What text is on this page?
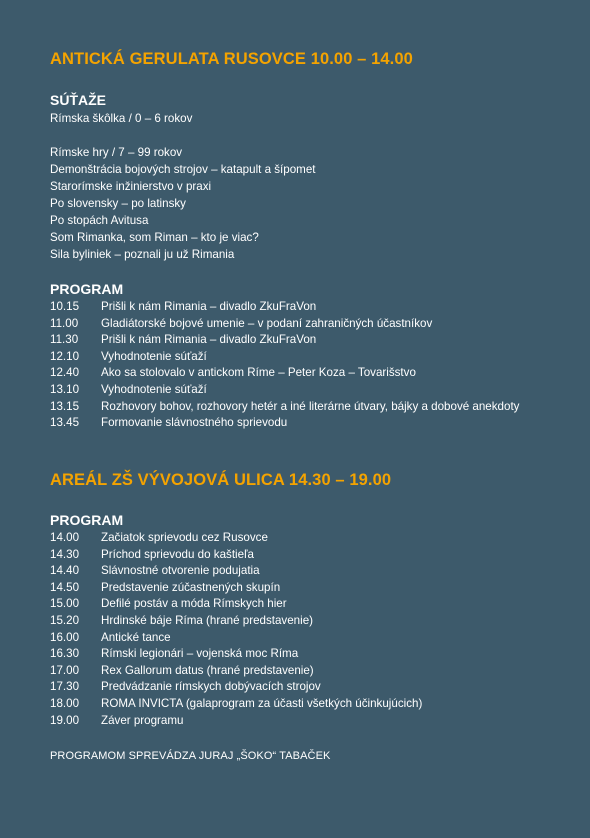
ANTICKÁ GERULATA RUSOVCE 10.00 – 14.00
SÚŤAŽE

Rímska škôlka / 0 – 6 rokov

Rímske hry / 7 – 99 rokov

Demonštrácia bojových strojov – katapult a šípomet

Starorímske inžinierstvo v praxi

Po slovensky – po latinsky

Po stopách Avitusa

Som Rimanka, som Riman – kto je viac?

Sila byliniek – poznali ju už Rimania

PROGRAM
10.15	Prišli k nám Rimania – divadlo ZkuFraVon
11.00	Gladiátorské bojové umenie – v podaní zahraničných účastníkov
11.30	Prišli k nám Rimania – divadlo ZkuFraVon
12.10	Vyhodnotenie súťaží
12.40	Ako sa stolovalo v antickom Ríme – Peter Koza – Tovarišstvo
13.10	Vyhodnotenie súťaží
13.15	Rozhovory bohov, rozhovory hetér a iné literárne útvary, bájky a dobové anekdoty
13.45	Formovanie slávnostného sprievodu
AREÁL ZŠ VÝVOJOVÁ ULICA 14.30 – 19.00
PROGRAM
14.00	Začiatok sprievodu cez Rusovce
14.30	Príchod sprievodu do kaštieľa
14.40	Slávnostné otvorenie podujatia
14.50	Predstavenie zúčastnených skupín
15.00	Defilé postáv a móda Rímskych hier
15.20	Hrdinské báje Ríma (hrané predstavenie)
16.00	Antické tance
16.30	Rímski legionári – vojenská moc Ríma
17.00	Rex Gallorum datus (hrané predstavenie)
17.30	Predvádzanie rímskych dobývacích strojov
18.00	ROMA INVICTA (galaprogram za účasti všetkých účinkujúcich)
19.00	Záver programu

PROGRAMOM SPREVÁDZA JURAJ „ŠOKO“ TABAČEK
